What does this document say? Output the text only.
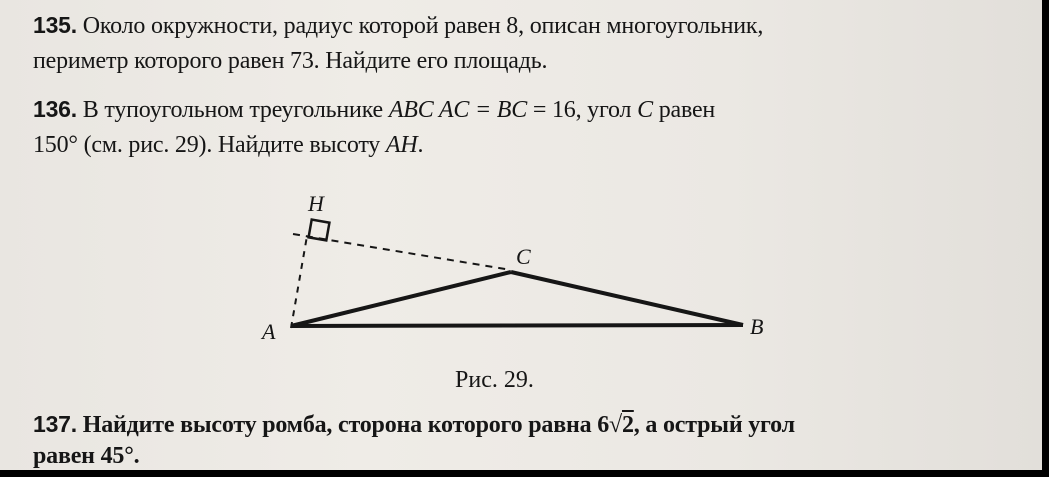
135. Около окружности, радиус которой равен 8, описан многоугольник,
периметр которого равен 73. Найдите его площадь.
136. В тупоугольном треугольнике ABC AC = BC = 16, угол C равен
150° (см. рис. 29). Найдите высоту AH.
H
C
A	B
Рис. 29.
137. Найдите высоту ромба, сторона которого равна 6√2, а острый угол
равен 45°.
